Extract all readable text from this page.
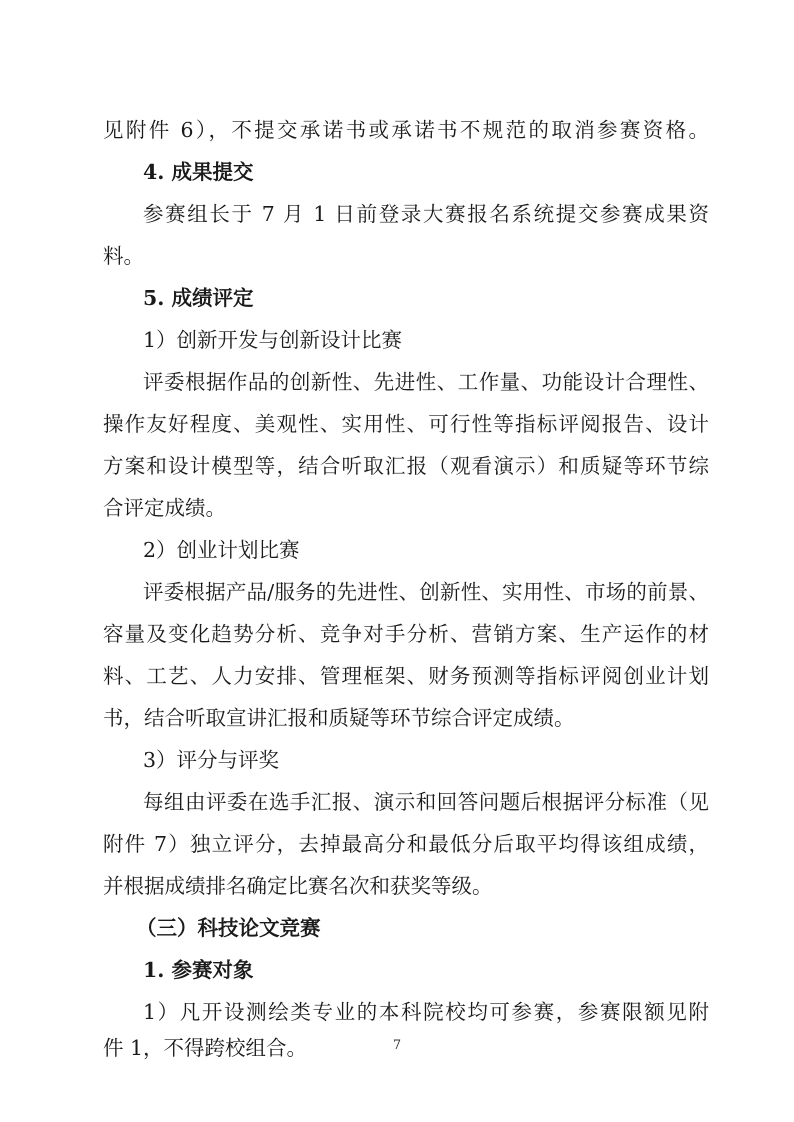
见附件 6），不提交承诺书或承诺书不规范的取消参赛资格。
4. 成果提交
参赛组长于 7 月 1 日前登录大赛报名系统提交参赛成果资
料。
5. 成绩评定
1）创新开发与创新设计比赛
评委根据作品的创新性、先进性、工作量、功能设计合理性、
操作友好程度、美观性、实用性、可行性等指标评阅报告、设计
方案和设计模型等，结合听取汇报（观看演示）和质疑等环节综
合评定成绩。
2）创业计划比赛
评委根据产品/服务的先进性、创新性、实用性、市场的前景、
容量及变化趋势分析、竞争对手分析、营销方案、生产运作的材
料、工艺、人力安排、管理框架、财务预测等指标评阅创业计划
书，结合听取宣讲汇报和质疑等环节综合评定成绩。
3）评分与评奖
每组由评委在选手汇报、演示和回答问题后根据评分标准（见
附件 7）独立评分，去掉最高分和最低分后取平均得该组成绩，
并根据成绩排名确定比赛名次和获奖等级。
（三）科技论文竞赛
1. 参赛对象
1）凡开设测绘类专业的本科院校均可参赛，参赛限额见附
件 1，不得跨校组合。	7
